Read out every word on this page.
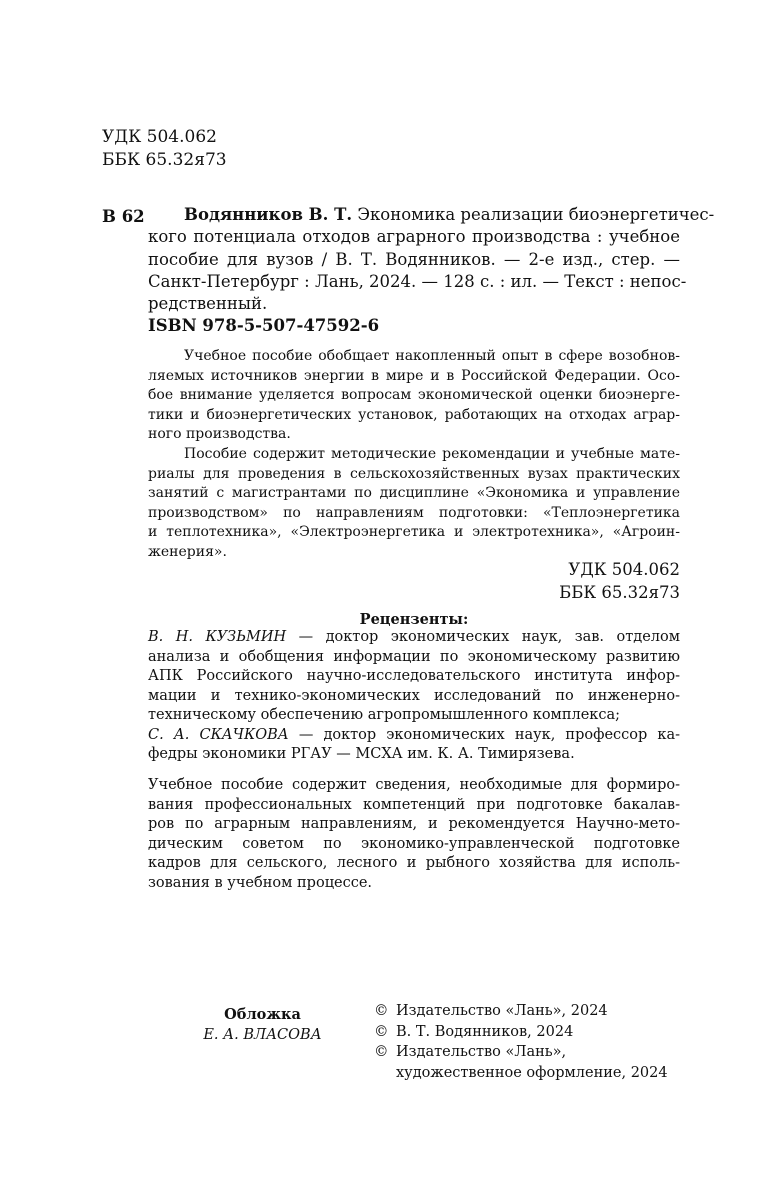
УДК 504.062
ББК 65.32я73
В 62	Водянников В. Т. Экономика реализации биоэнергетичес-
кого потенциала отходов аграрного производства : учебное
пособие для вузов / В. Т. Водянников. — 2-е изд., стер. —
Санкт-Петербург : Лань, 2024. — 128 с. : ил. — Текст : непос-
редственный.
ISBN 978-5-507-47592-6
Учебное пособие обобщает накопленный опыт в сфере возобнов-
ляемых источников энергии в мире и в Российской Федерации. Осо-
бое внимание уделяется вопросам экономической оценки биоэнерге-
тики и биоэнергетических установок, работающих на отходах аграр-
ного производства.
Пособие содержит методические рекомендации и учебные мате-
риалы для проведения в сельскохозяйственных вузах практических
занятий с магистрантами по дисциплине «Экономика и управление
производством» по направлениям подготовки: «Теплоэнергетика
и теплотехника», «Электроэнергетика и электротехника», «Агроин-
женерия».
УДК 504.062
ББК 65.32я73
Рецензенты:
В. Н. КУЗЬМИН — доктор экономических наук, зав. отделом
анализа и обобщения информации по экономическому развитию
АПК Российского научно-исследовательского института инфор-
мации и технико-экономических исследований по инженерно-
техническому обеспечению агропромышленного комплекса;
С. А. СКАЧКОВА — доктор экономических наук, профессор ка-
федры экономики РГАУ — МСХА им. К. А. Тимирязева.
Учебное пособие содержит сведения, необходимые для формиро-
вания профессиональных компетенций при подготовке бакалав-
ров по аграрным направлениям, и рекомендуется Научно-мето-
дическим советом по экономико-управленческой подготовке
кадров для сельского, лесного и рыбного хозяйства для исполь-
зования в учебном процессе.
Обложка
Е. А. ВЛАСОВА
© Издательство «Лань», 2024
© В. Т. Водянников, 2024
© Издательство «Лань»,
художественное оформление, 2024
